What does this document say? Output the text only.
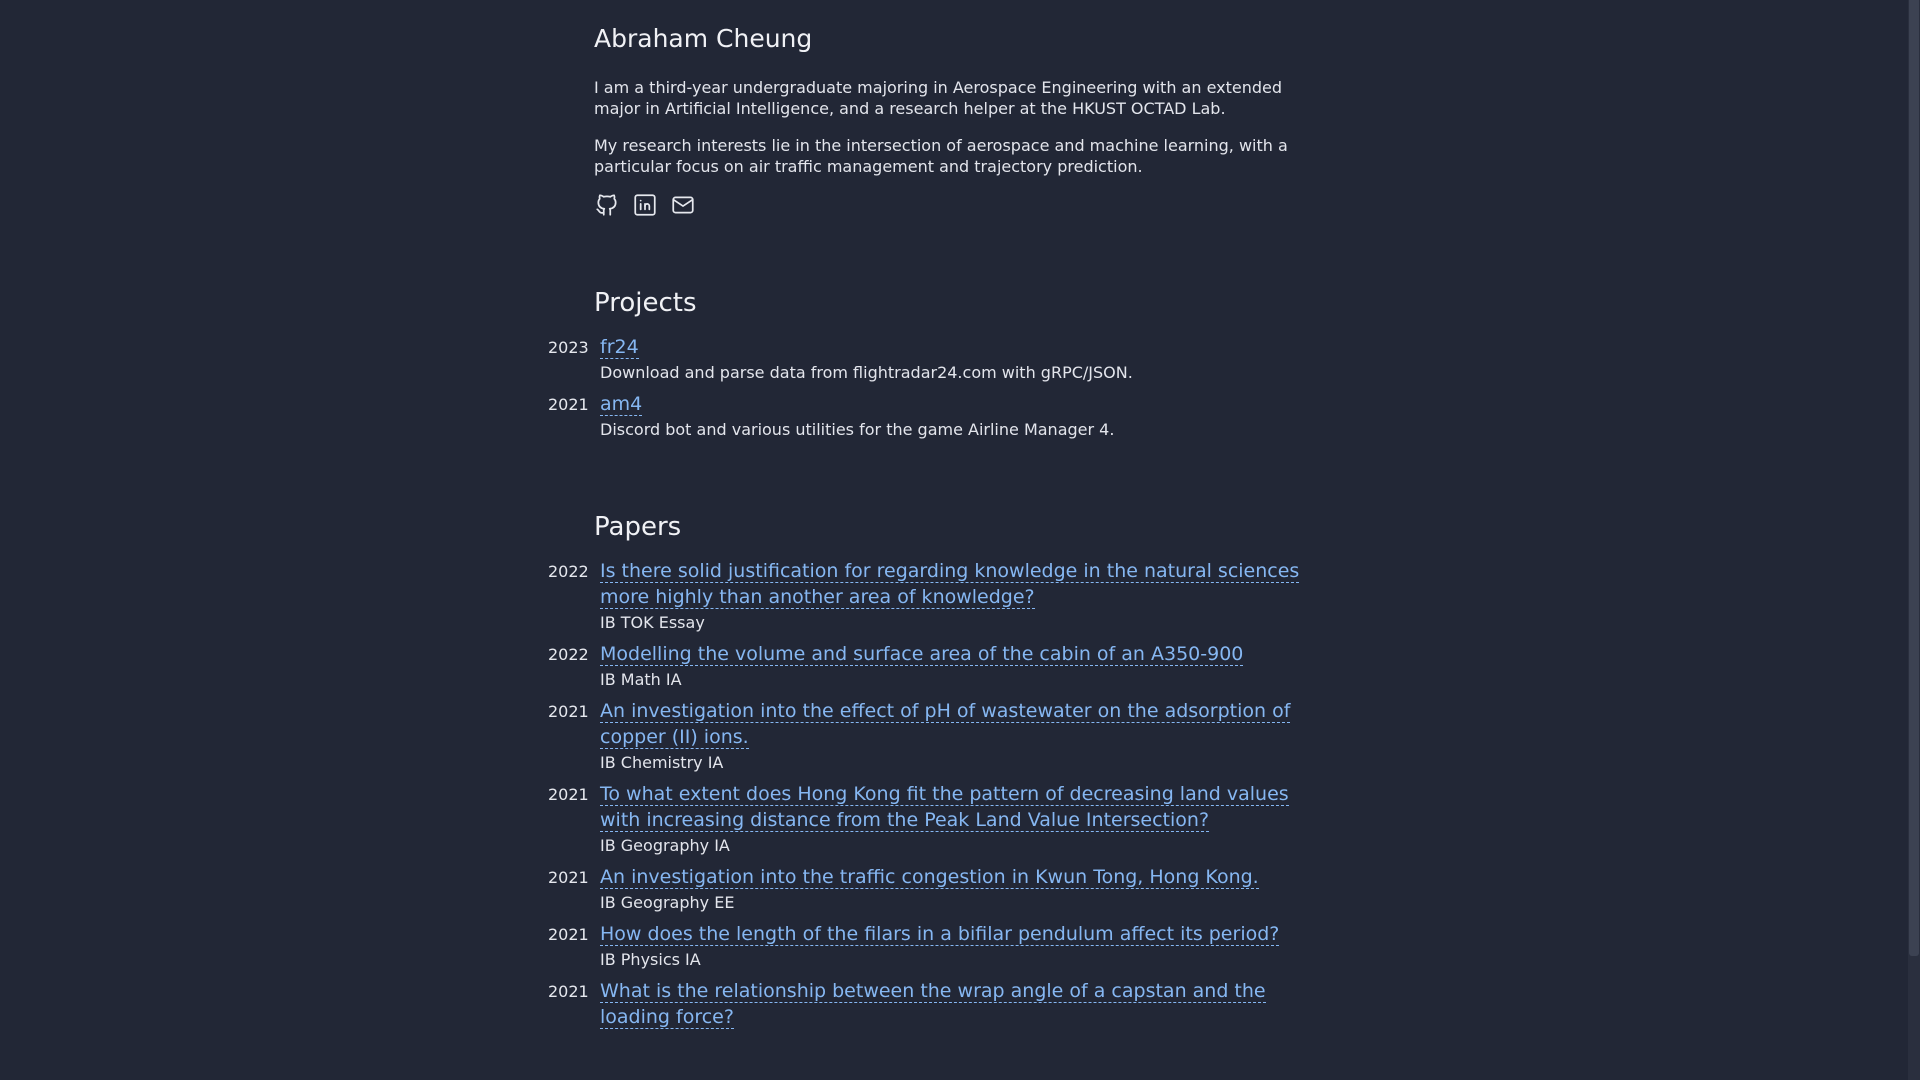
Abraham Cheung

I am a third-year undergraduate majoring in Aerospace Engineering with an extended major in Artificial Intelligence, and a research helper at the HKUST OCTAD Lab.

My research interests lie in the intersection of aerospace and machine learning, with a particular focus on air traffic management and trajectory prediction.

Projects
2023 fr24
Download and parse data from flightradar24.com with gRPC/JSON.
2021 am4
Discord bot and various utilities for the game Airline Manager 4.
Papers
2022 Is there solid justification for regarding knowledge in the natural sciences more highly than another area of knowledge?
IB TOK Essay
2022 Modelling the volume and surface area of the cabin of an A350-900
IB Math IA
2021 An investigation into the effect of pH of wastewater on the adsorption of copper (II) ions.
IB Chemistry IA
2021 To what extent does Hong Kong fit the pattern of decreasing land values with increasing distance from the Peak Land Value Intersection?
IB Geography IA
2021 An investigation into the traffic congestion in Kwun Tong, Hong Kong.
IB Geography EE
2021 How does the length of the filars in a bifilar pendulum affect its period?
IB Physics IA
2021 What is the relationship between the wrap angle of a capstan and the loading force?
